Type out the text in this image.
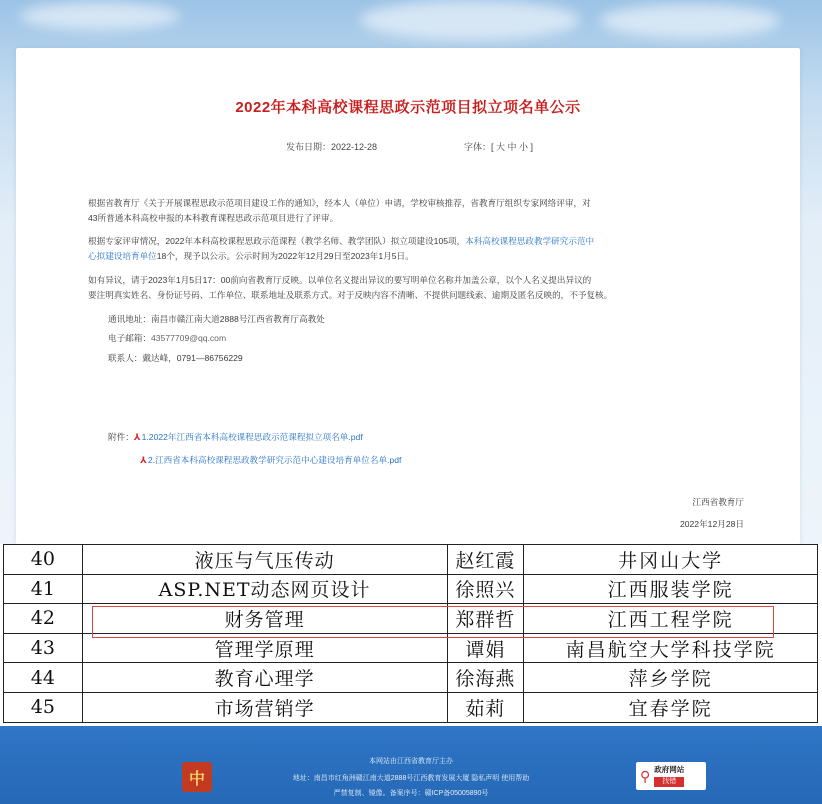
2022年本科高校课程思政示范项目拟立项名单公示
发布日期：2022-12-28	字体：[ 大 中 小 ]
根据省教育厅《关于开展课程思政示范项目建设工作的通知》，经本人（单位）申请，学校审核推荐，省教育厅组织专家网络评审，对
43所普通本科高校申报的本科教育课程思政示范项目进行了评审。
根据专家评审情况，2022年本科高校课程思政示范课程（教学名师、教学团队）拟立项建设105项，本科高校课程思政教学研究示范中
心拟建设培育单位18个，现予以公示。公示时间为2022年12月29日至2023年1月5日。
如有异议，请于2023年1月5日17：00前向省教育厅反映。以单位名义提出异议的要写明单位名称并加盖公章，以个人名义提出异议的
要注明真实姓名、身份证号码、工作单位、联系地址及联系方式。对于反映内容不清晰、不提供问题线索、逾期及匿名反映的，不予复核。
通讯地址：南昌市赣江南大道2888号江西省教育厅高教处
电子邮箱：43577709@qq.com
联系人：戴达峰，0791—86756229
附件：⅄1.2022年江西省本科高校课程思政示范课程拟立项名单.pdf
⅄2.江西省本科高校课程思政教学研究示范中心建设培育单位名单.pdf
江西省教育厅
2022年12月28日
40	液压与气压传动	赵红霞	井冈山大学
41	ASP.NET动态网页设计	徐照兴	江西服装学院
42	财务管理	郑群哲	江西工程学院
43	管理学原理	谭娟	南昌航空大学科技学院
44	教育心理学	徐海燕	萍乡学院
45	市场营销学	茹莉	宜春学院
中
本网站由江西省教育厅主办
地址：南昌市红角洲赣江南大道2888号江西教育发展大厦 隐私声明 使用帮助
严禁复制、镜像。备案序号：赣ICP备05005890号
⚲ 政府网站
找错
